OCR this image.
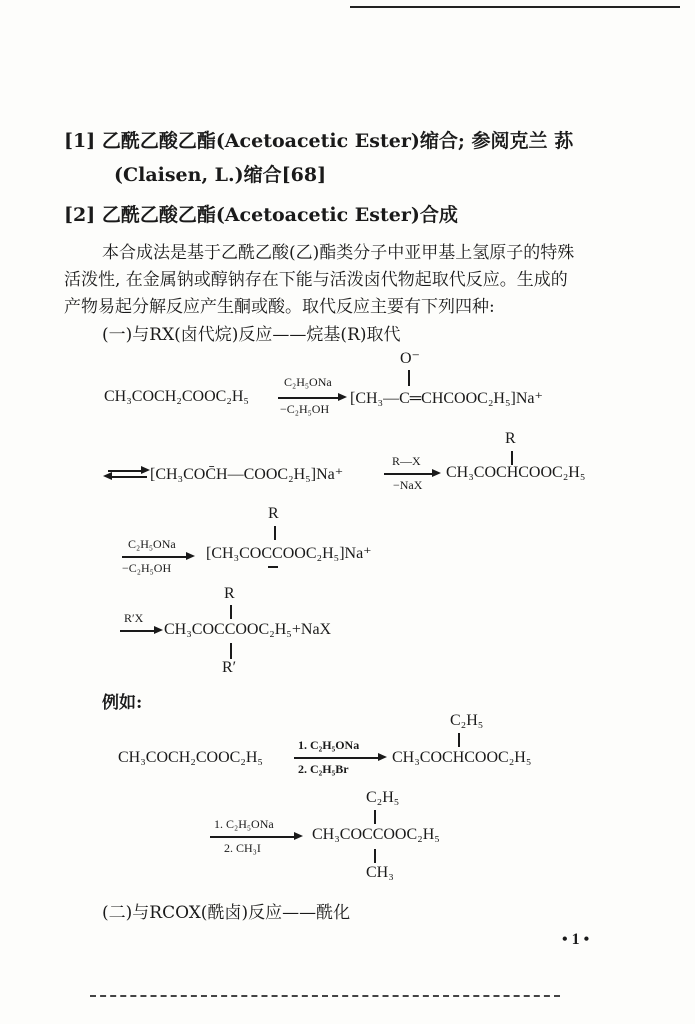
[1] 乙酰乙酸乙酯(Acetoacetic Ester)缩合; 参阅克兰 荪
(Claisen, L.)缩合[68]
[2] 乙酰乙酸乙酯(Acetoacetic Ester)合成
本合成法是基于乙酰乙酸(乙)酯类分子中亚甲基上氢原子的特殊
活泼性, 在金属钠或醇钠存在下能与活泼卤代物起取代反应。生成的
产物易起分解反应产生酮或酸。取代反应主要有下列四种:
(一)与RX(卤代烷)反应——烷基(R)取代
O⁻
CH₃COCH₂COOC₂H₅
C₂H₅ONa
−C₂H₅OH
[CH₃—C═CHCOOC₂H₅]Na⁺
R
[CH₃COC̄H—COOC₂H₅]Na⁺
R—X
−NaX
CH₃COCHCOOC₂H₅
R
C₂H₅ONa
−C₂H₅OH
[CH₃COCCOOC₂H₅]Na⁺
R
R′X
CH₃COCCOOC₂H₅+NaX
R′
例如:
C₂H₅
CH₃COCH₂COOC₂H₅
1. C₂H₅ONa
2. C₂H₅Br
CH₃COCHCOOC₂H₅
C₂H₅
1. C₂H₅ONa
2. CH₃I
CH₃COCCOOC₂H₅
CH₃
(二)与RCOX(酰卤)反应——酰化
• 1 •
